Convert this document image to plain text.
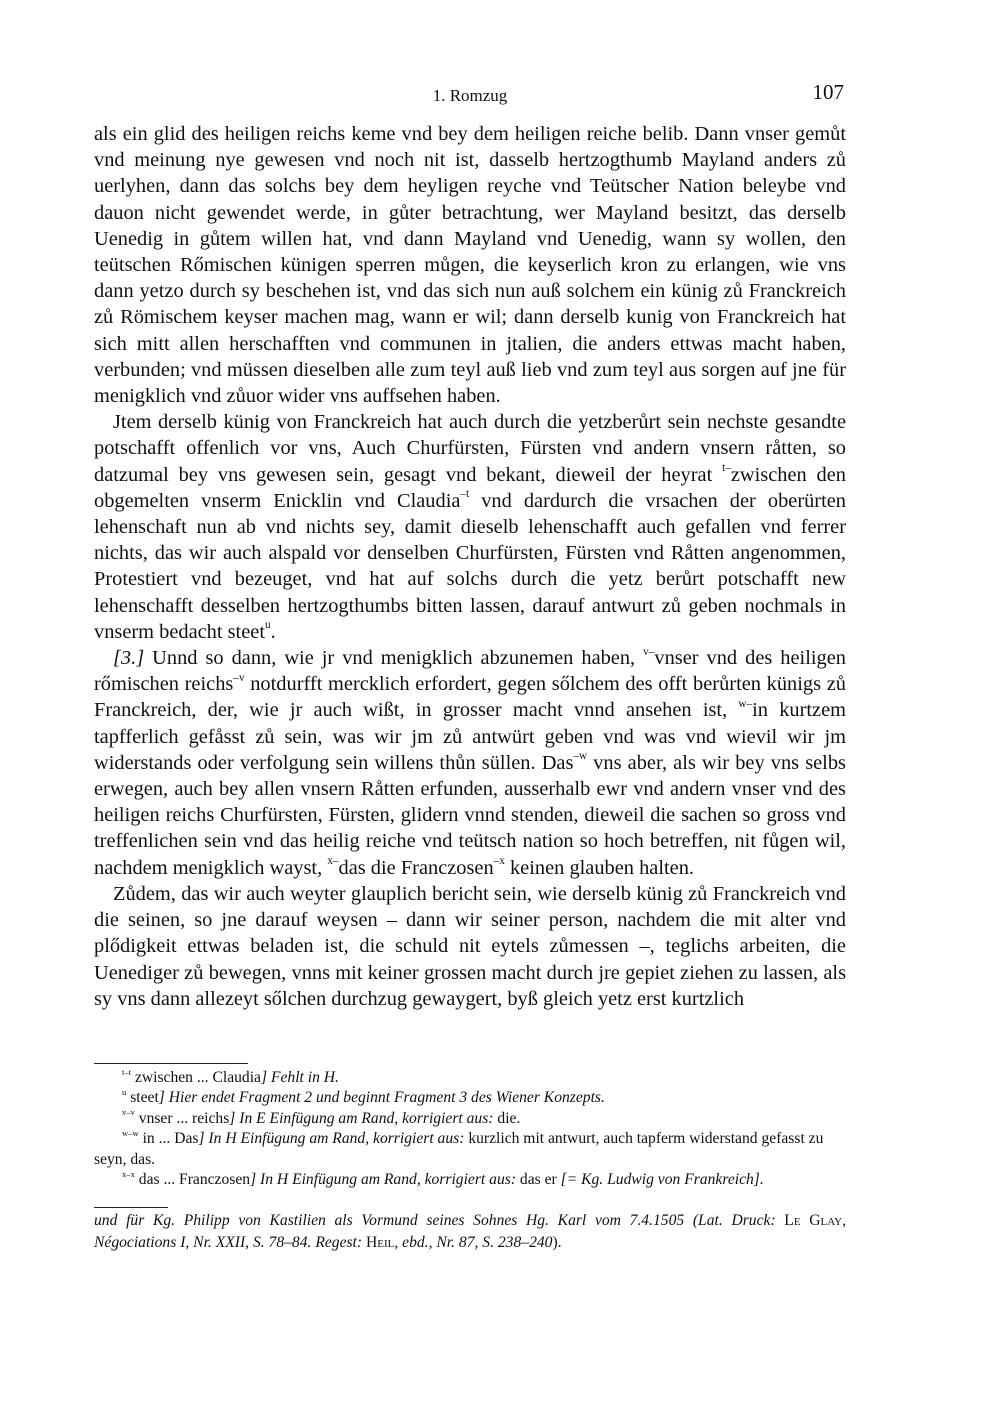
1. Romzug	107

als ein glid des heiligen reichs keme vnd bey dem heiligen reiche belib. Dann vnser gemůt vnd meinung nye gewesen vnd noch nit ist, dasselb hertzogthumb Mayland anders zů uerlyhen, dann das solchs bey dem heyligen reyche vnd Teütscher Nation beleybe vnd dauon nicht gewendet werde, in gůter betrachtung, wer Mayland besitzt, das derselb Uenedig in gůtem willen hat, vnd dann Mayland vnd Uenedig, wann sy wollen, den teütschen Rőmischen künigen sperren můgen, die keyserlich kron zu erlangen, wie vns dann yetzo durch sy beschehen ist, vnd das sich nun auß solchem ein künig zů Franckreich zů Römischem keyser machen mag, wann er wil; dann derselb kunig von Franckreich hat sich mitt allen herschafften vnd communen in jtalien, die anders ettwas macht haben, verbunden; vnd müssen dieselben alle zum teyl auß lieb vnd zum teyl aus sorgen auf jne für menigklich vnd zůuor wider vns auffsehen haben.

Jtem derselb künig von Franckreich hat auch durch die yetzberůrt sein nechste gesandte potschafft offenlich vor vns, Auch Churfürsten, Fürsten vnd andern vnsern råtten, so datzumal bey vns gewesen sein, gesagt vnd bekant, dieweil der heyrat $^{t-}$zwischen den obgemelten vnserm Enicklin vnd Claudia$^{-t}$ vnd dardurch die vrsachen der oberürten lehenschaft nun ab vnd nichts sey, damit dieselb lehenschafft auch gefallen vnd ferrer nichts, das wir auch alspald vor denselben Churfürsten, Fürsten vnd Råtten angenommen, Protestiert vnd bezeuget, vnd hat auf solchs durch die yetz berůrt potschafft new lehenschafft desselben hertzogthumbs bitten lassen, darauf antwurt zů geben nochmals in vnserm bedacht steet$^u$.

[3.] Unnd so dann, wie jr vnd menigklich abzunemen haben, $^{v-}$vnser vnd des heiligen rőmischen reichs$^{-v}$ notdurfft mercklich erfordert, gegen sőlchem des offt berůrten künigs zů Franckreich, der, wie jr auch wißt, in grosser macht vnnd ansehen ist, $^{w-}$in kurtzem tapfferlich gefåsst zů sein, was wir jm zů antwürt geben vnd was vnd wievil wir jm widerstands oder verfolgung sein willens thůn süllen. Das$^{-w}$ vns aber, als wir bey vns selbs erwegen, auch bey allen vnsern Råtten erfunden, ausserhalb ewr vnd andern vnser vnd des heiligen reichs Churfürsten, Fürsten, glidern vnnd stenden, dieweil die sachen so gross vnd treffenlichen sein vnd das heilig reiche vnd teütsch nation so hoch betreffen, nit fůgen wil, nachdem menigklich wayst, $^{x-}$das die Franczosen$^{-x}$ keinen glauben halten.

Zůdem, das wir auch weyter glauplich bericht sein, wie derselb künig zů Franckreich vnd die seinen, so jne darauf weysen – dann wir seiner person, nachdem die mit alter vnd plődigkeit ettwas beladen ist, die schuld nit eytels zůmessen –, teglichs arbeiten, die Uenediger zů bewegen, vnns mit keiner grossen macht durch jre gepiet ziehen zu lassen, als sy vns dann allezeyt sőlchen durchzug gewaygert, byß gleich yetz erst kurtzlich

$^{t-t}$ zwischen ... Claudia] Fehlt in H.

$^u$ steet] Hier endet Fragment 2 und beginnt Fragment 3 des Wiener Konzepts.

$^{v-v}$ vnser ... reichs] In E Einfügung am Rand, korrigiert aus: die.

$^{w-w}$ in ... Das] In H Einfügung am Rand, korrigiert aus: kurzlich mit antwurt, auch tapferm widerstand gefasst zu seyn, das.

$^{x-x}$ das ... Franczosen] In H Einfügung am Rand, korrigiert aus: das er [= Kg. Ludwig von Frankreich].

und für Kg. Philipp von Kastilien als Vormund seines Sohnes Hg. Karl vom 7.4.1505 (Lat. Druck: Le Glay, Négociations I, Nr. XXII, S. 78–84. Regest: Heil, ebd., Nr. 87, S. 238–240).
